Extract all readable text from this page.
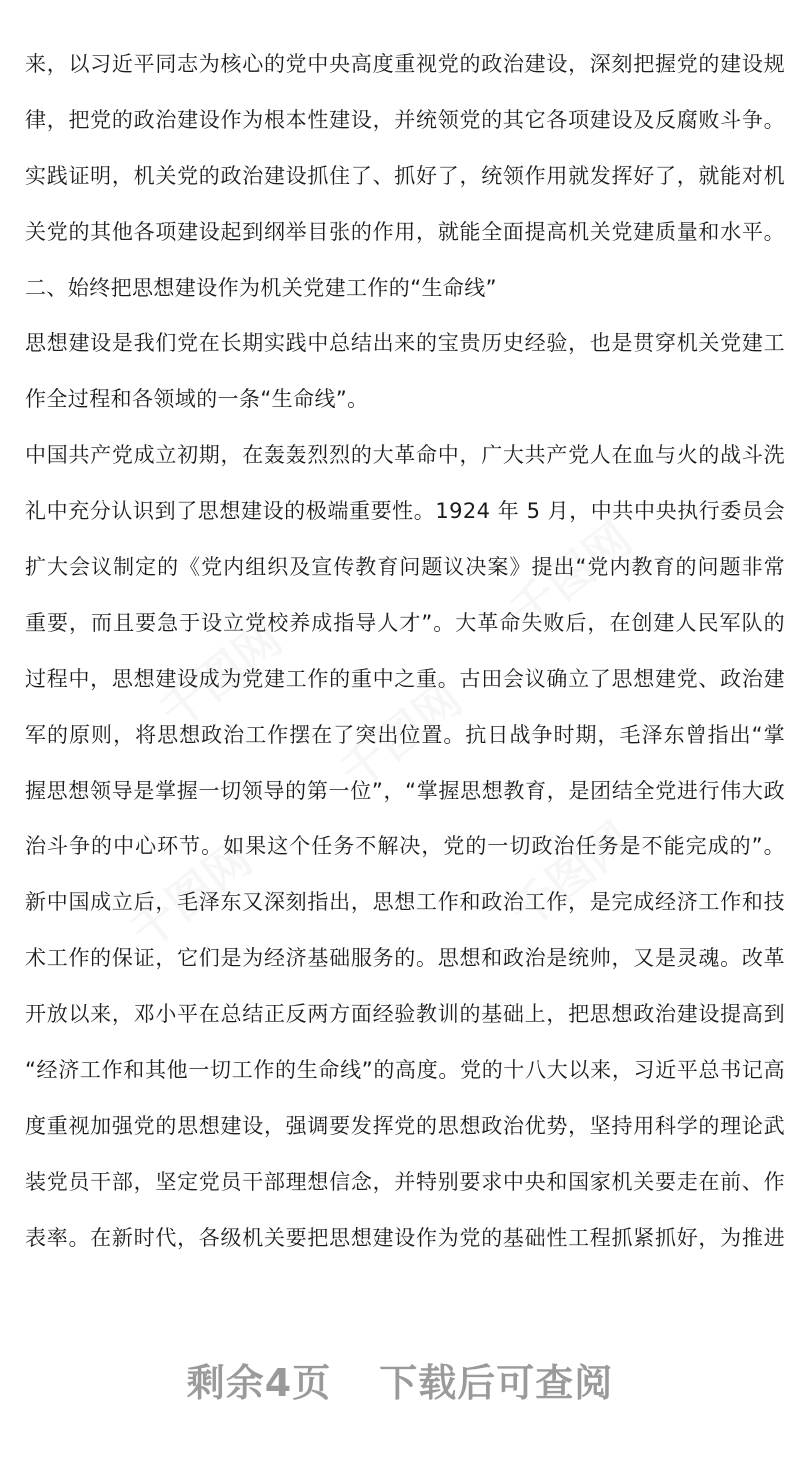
来，以习近平同志为核心的党中央高度重视党的政治建设，深刻把握党的建设规
律，把党的政治建设作为根本性建设，并统领党的其它各项建设及反腐败斗争。
实践证明，机关党的政治建设抓住了、抓好了，统领作用就发挥好了，就能对机
关党的其他各项建设起到纲举目张的作用，就能全面提高机关党建质量和水平。
二、始终把思想建设作为机关党建工作的“生命线”
思想建设是我们党在长期实践中总结出来的宝贵历史经验，也是贯穿机关党建工
作全过程和各领域的一条“生命线”。
中国共产党成立初期，在轰轰烈烈的大革命中，广大共产党人在血与火的战斗洗
礼中充分认识到了思想建设的极端重要性。1924 年 5 月，中共中央执行委员会
扩大会议制定的《党内组织及宣传教育问题议决案》提出“党内教育的问题非常
重要，而且要急于设立党校养成指导人才”。大革命失败后，在创建人民军队的
过程中，思想建设成为党建工作的重中之重。古田会议确立了思想建党、政治建
军的原则，将思想政治工作摆在了突出位置。抗日战争时期，毛泽东曾指出“掌
握思想领导是掌握一切领导的第一位”，“掌握思想教育，是团结全党进行伟大政
治斗争的中心环节。如果这个任务不解决，党的一切政治任务是不能完成的”。
新中国成立后，毛泽东又深刻指出，思想工作和政治工作，是完成经济工作和技
术工作的保证，它们是为经济基础服务的。思想和政治是统帅，又是灵魂。改革
开放以来，邓小平在总结正反两方面经验教训的基础上，把思想政治建设提高到
“经济工作和其他一切工作的生命线”的高度。党的十八大以来，习近平总书记高
度重视加强党的思想建设，强调要发挥党的思想政治优势，坚持用科学的理论武
装党员干部，坚定党员干部理想信念，并特别要求中央和国家机关要走在前、作
表率。在新时代，各级机关要把思想建设作为党的基础性工程抓紧抓好，为推进
剩余4页 下载后可查阅
